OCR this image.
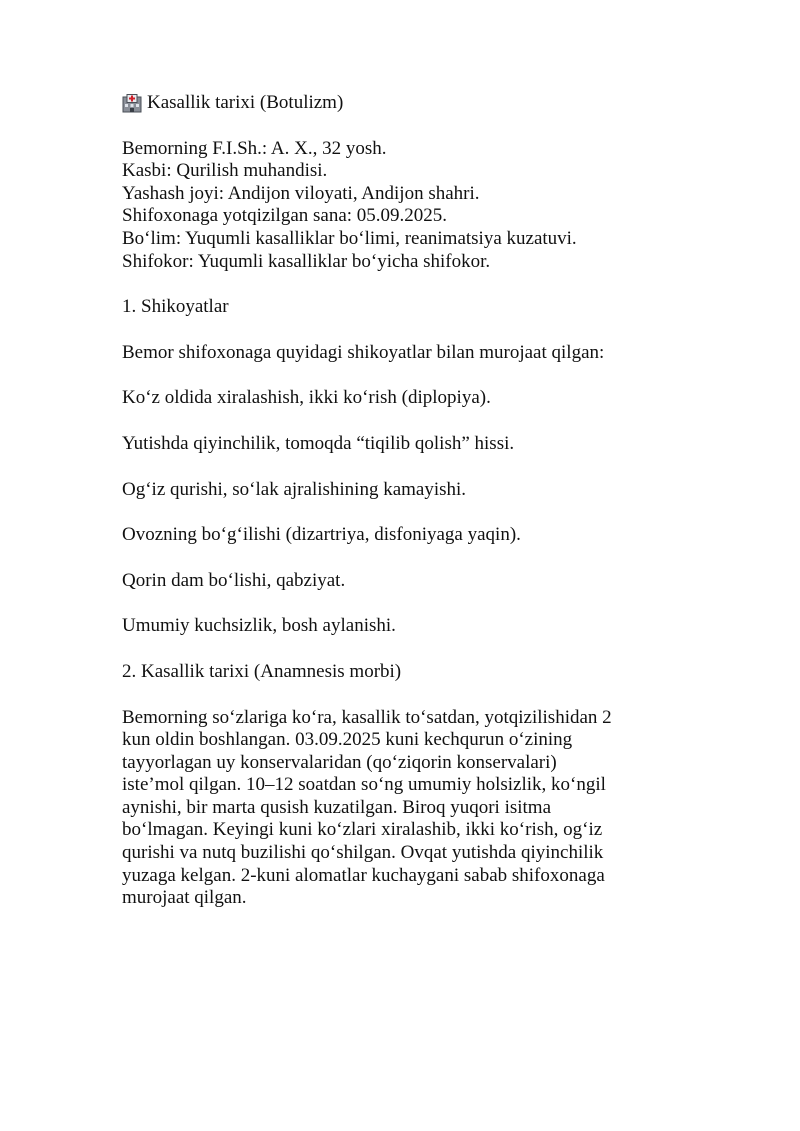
Kasallik tarixi (Botulizm)
Bemorning F.I.Sh.: A. X., 32 yosh.
Kasbi: Qurilish muhandisi.
Yashash joyi: Andijon viloyati, Andijon shahri.
Shifoxonaga yotqizilgan sana: 05.09.2025.
Boʻlim: Yuqumli kasalliklar boʻlimi, reanimatsiya kuzatuvi.
Shifokor: Yuqumli kasalliklar boʻyicha shifokor.
1. Shikoyatlar
Bemor shifoxonaga quyidagi shikoyatlar bilan murojaat qilgan:
Koʻz oldida xiralashish, ikki koʻrish (diplopiya).
Yutishda qiyinchilik, tomoqda “tiqilib qolish” hissi.
Ogʻiz qurishi, soʻlak ajralishining kamayishi.
Ovozning boʻgʻilishi (dizartriya, disfoniyaga yaqin).
Qorin dam boʻlishi, qabziyat.
Umumiy kuchsizlik, bosh aylanishi.
2. Kasallik tarixi (Anamnesis morbi)
Bemorning soʻzlariga koʻra, kasallik toʻsatdan, yotqizilishidan 2
kun oldin boshlangan. 03.09.2025 kuni kechqurun oʻzining
tayyorlagan uy konservalaridan (qoʻziqorin konservalari)
isteʼmol qilgan. 10–12 soatdan soʻng umumiy holsizlik, koʻngil
aynishi, bir marta qusish kuzatilgan. Biroq yuqori isitma
boʻlmagan. Keyingi kuni koʻzlari xiralashib, ikki koʻrish, ogʻiz
qurishi va nutq buzilishi qoʻshilgan. Ovqat yutishda qiyinchilik
yuzaga kelgan. 2-kuni alomatlar kuchaygani sabab shifoxonaga
murojaat qilgan.
